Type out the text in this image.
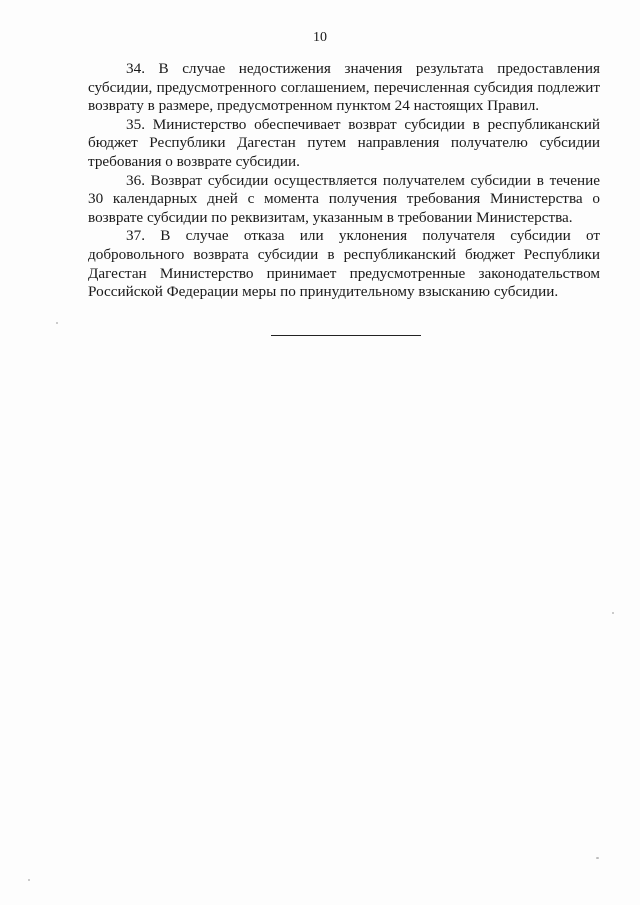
10

34. В случае недостижения значения результата предоставления субсидии, предусмотренного соглашением, перечисленная субсидия подлежит возврату в размере, предусмотренном пунктом 24 настоящих Правил.

35. Министерство обеспечивает возврат субсидии в республиканский бюджет Республики Дагестан путем направления получателю субсидии требования о возврате субсидии.

36. Возврат субсидии осуществляется получателем субсидии в течение 30 календарных дней с момента получения требования Министерства о возврате субсидии по реквизитам, указанным в требовании Министерства.

37. В случае отказа или уклонения получателя субсидии от добровольного возврата субсидии в республиканский бюджет Республики Дагестан Министерство принимает предусмотренные законодательством Российской Федерации меры по принудительному взысканию субсидии.
